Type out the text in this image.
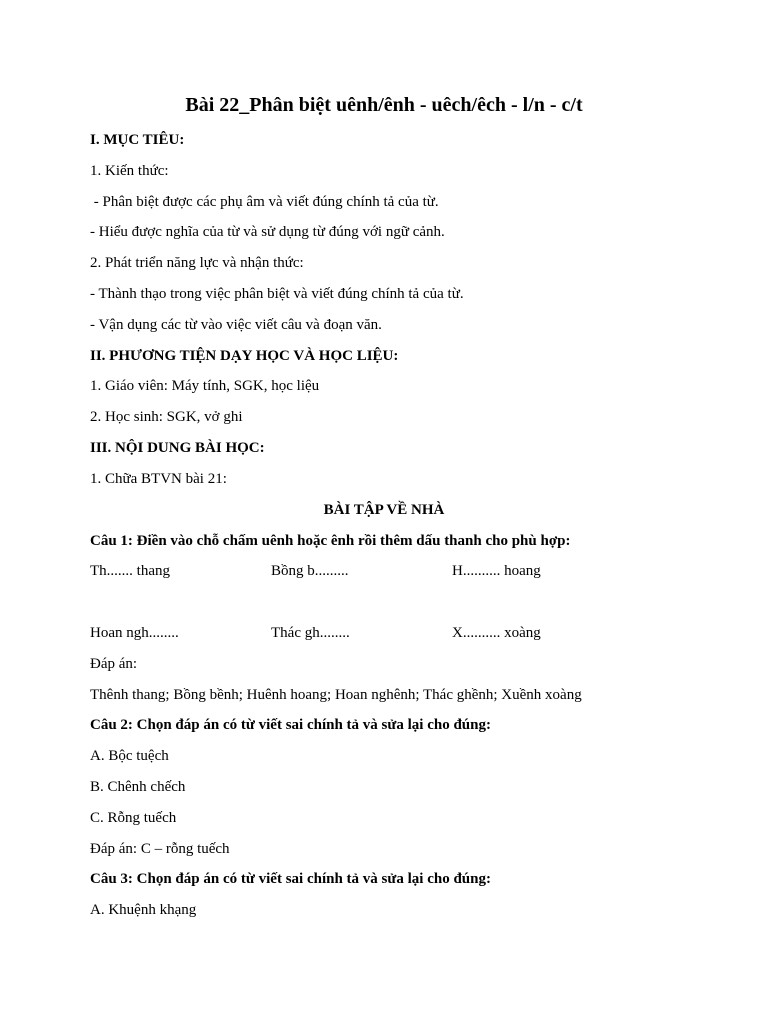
Bài 22_Phân biệt uênh/ênh - uêch/êch - l/n - c/t
I. MỤC TIÊU:
1. Kiến thức:
- Phân biệt được các phụ âm và viết đúng chính tả của từ.
- Hiểu được nghĩa của từ và sử dụng từ đúng với ngữ cảnh.
2. Phát triển năng lực và nhận thức:
- Thành thạo trong việc phân biệt và viết đúng chính tả của từ.
- Vận dụng các từ vào việc viết câu và đoạn văn.
II. PHƯƠNG TIỆN DẠY HỌC VÀ HỌC LIỆU:
1. Giáo viên: Máy tính, SGK, học liệu
2. Học sinh: SGK, vở ghi
III. NỘI DUNG BÀI HỌC:
1. Chữa BTVN bài 21:
BÀI TẬP VỀ NHÀ
Câu 1: Điền vào chỗ chấm uênh hoặc ênh rồi thêm dấu thanh cho phù hợp:
Th....... thang	Bồng b.........	H.......... hoang
Hoan ngh........	Thác gh........	X.......... xoàng
Đáp án:
Thênh thang; Bồng bềnh; Huênh hoang; Hoan nghênh; Thác ghềnh; Xuềnh xoàng
Câu 2: Chọn đáp án có từ viết sai chính tả và sửa lại cho đúng:
A. Bộc tuệch
B. Chênh chếch
C. Rỗng tuếch
Đáp án: C – rỗng tuếch
Câu 3: Chọn đáp án có từ viết sai chính tả và sửa lại cho đúng:
A. Khuệnh khạng
